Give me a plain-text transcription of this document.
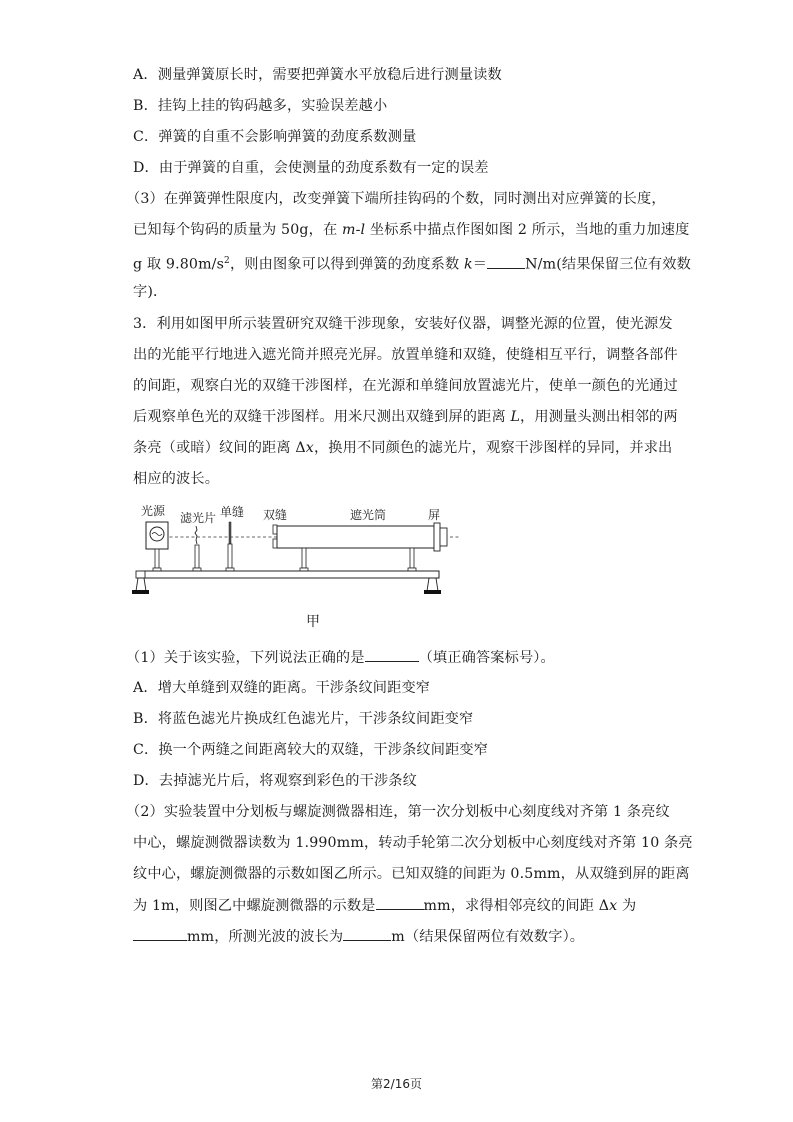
A．测量弹簧原长时，需要把弹簧水平放稳后进行测量读数
B．挂钩上挂的钩码越多，实验误差越小
C．弹簧的自重不会影响弹簧的劲度系数测量
D．由于弹簧的自重，会使测量的劲度系数有一定的误差
（3）在弹簧弹性限度内，改变弹簧下端所挂钩码的个数，同时测出对应弹簧的长度，
已知每个钩码的质量为 50g，在 m-l 坐标系中描点作图如图 2 所示，当地的重力加速度
g 取 $9.80m/s^2$，则由图象可以得到弹簧的劲度系数 k＝	N/m(结果保留三位有效数
字)．
3．利用如图甲所示装置研究双缝干涉现象，安装好仪器，调整光源的位置，使光源发
出的光能平行地进入遮光筒并照亮光屏。放置单缝和双缝，使缝相互平行，调整各部件
的间距，观察白光的双缝干涉图样，在光源和单缝间放置滤光片，使单一颜色的光通过
后观察单色光的双缝干涉图样。用米尺测出双缝到屏的距离 L，用测量头测出相邻的两
条亮（或暗）纹间的距离 Δx，换用不同颜色的滤光片，观察干涉图样的异同，并求出
相应的波长。
光源 滤光片 单缝 双缝	遮光筒	屏
甲
（1）关于该实验，下列说法正确的是	（填正确答案标号）。
A．增大单缝到双缝的距离。干涉条纹间距变窄
B．将蓝色滤光片换成红色滤光片，干涉条纹间距变窄
C．换一个两缝之间距离较大的双缝，干涉条纹间距变窄
D．去掉滤光片后，将观察到彩色的干涉条纹
（2）实验装置中分划板与螺旋测微器相连，第一次分划板中心刻度线对齐第 1 条亮纹
中心，螺旋测微器读数为 1.990mm，转动手轮第二次分划板中心刻度线对齐第 10 条亮
纹中心，螺旋测微器的示数如图乙所示。已知双缝的间距为 0.5mm，从双缝到屏的距离
为 1m，则图乙中螺旋测微器的示数是	mm，求得相邻亮纹的间距 Δx 为
mm，所测光波的波长为	m（结果保留两位有效数字）。
第2/16页
